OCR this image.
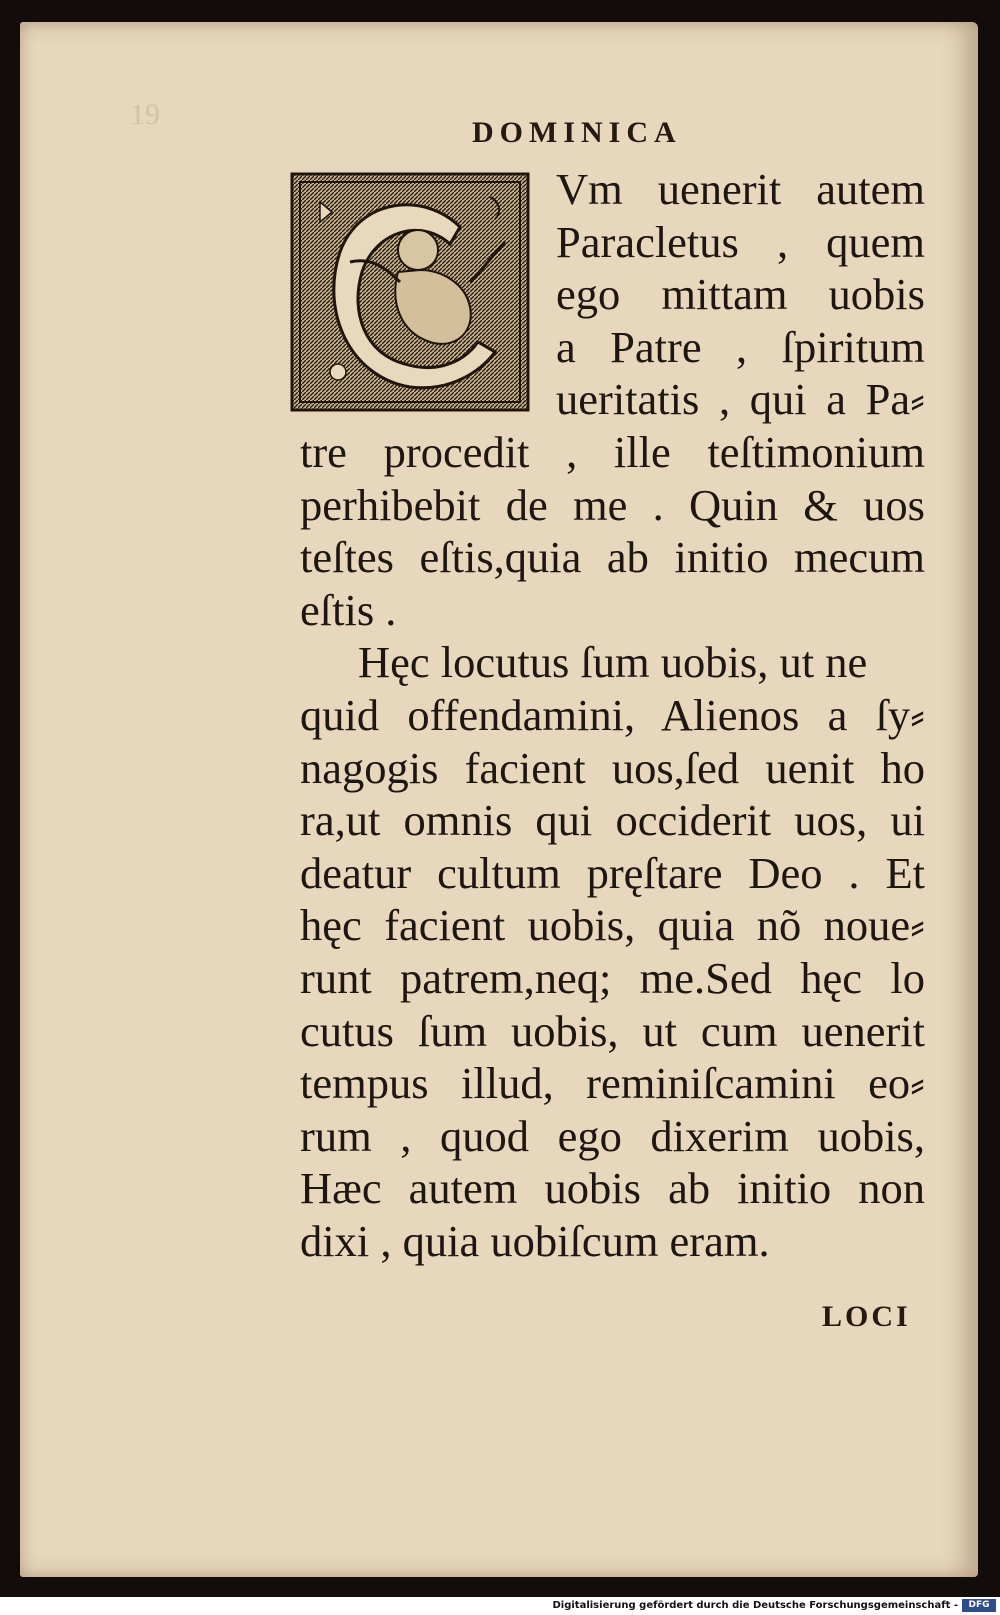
19
DOMINICA
Vm uenerit autem
Paracletus , quem
ego mittam uobis
a Patre , ſpiritum
ueritatis , qui a Pa⸗
tre procedit , ille teſtimonium
perhibebit de me . Quin & uos
teſtes eſtis,quia ab initio mecum
eſtis .
Hęc locutus ſum uobis, ut ne
quid offendamini, Alienos a ſy⸗
nagogis facient uos,ſed uenit ho
ra,ut omnis qui occiderit uos, ui
deatur cultum pręſtare Deo . Et
hęc facient uobis, quia nõ noue⸗
runt patrem,neq; me.Sed hęc lo
cutus ſum uobis, ut cum uenerit
tempus illud, reminiſcamini eo⸗
rum , quod ego dixerim uobis,
Hæc autem uobis ab initio non
dixi , quia uobiſcum eram.
LOCI
Digitalisierung gefördert durch die Deutsche Forschungsgemeinschaft -	DFG
